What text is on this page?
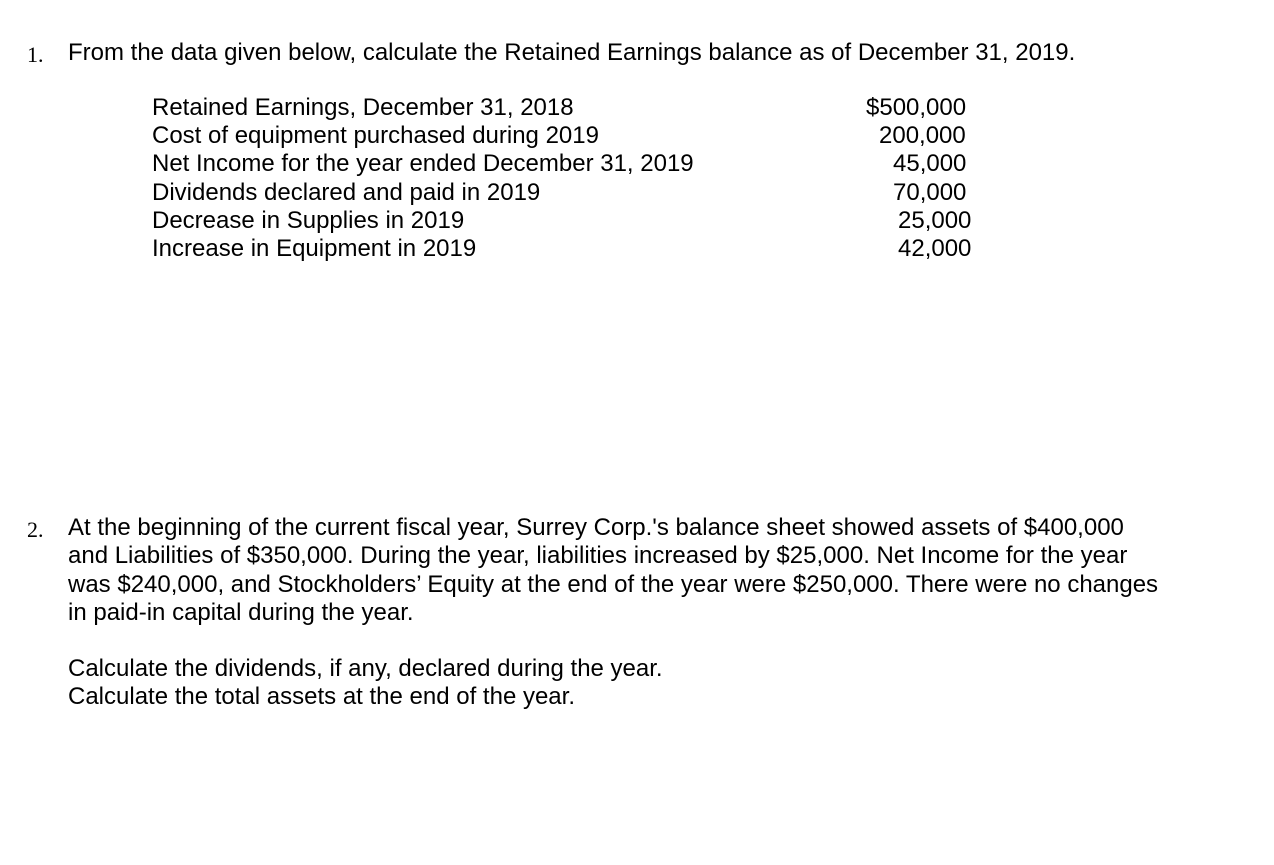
1. From the data given below, calculate the Retained Earnings balance as of December 31, 2019.
Retained Earnings, December 31, 2018	$500,000
Cost of equipment purchased during 2019	200,000
Net Income for the year ended December 31, 2019	45,000
Dividends declared and paid in 2019	70,000
Decrease in Supplies in 2019	25,000
Increase in Equipment in 2019	42,000
2. At the beginning of the current fiscal year, Surrey Corp.'s balance sheet showed assets of $400,000
and Liabilities of $350,000. During the year, liabilities increased by $25,000. Net Income for the year
was $240,000, and Stockholders’ Equity at the end of the year were $250,000. There were no changes
in paid-in capital during the year.
Calculate the dividends, if any, declared during the year.
Calculate the total assets at the end of the year.
